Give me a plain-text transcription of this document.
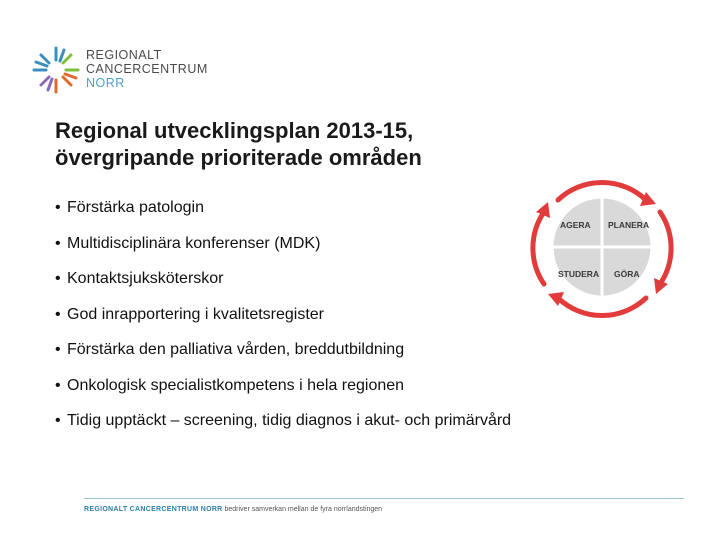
REGIONALT
CANCERCENTRUM
NORR
Regional utvecklingsplan 2013-15,
övergripande prioriterade områden
• Förstärka patologin
• Multidisciplinära konferenser (MDK)
• Kontaktsjuksköterskor
• God inrapportering i kvalitetsregister
• Förstärka den palliativa vården, breddutbildning
• Onkologisk specialistkompetens i hela regionen
• Tidig upptäckt – screening, tidig diagnos i akut- och primärvård
AGERA PLANERA
STUDERA GÖRA
REGIONALT CANCERCENTRUM NORR bedriver samverkan mellan de fyra norrlandstingen
